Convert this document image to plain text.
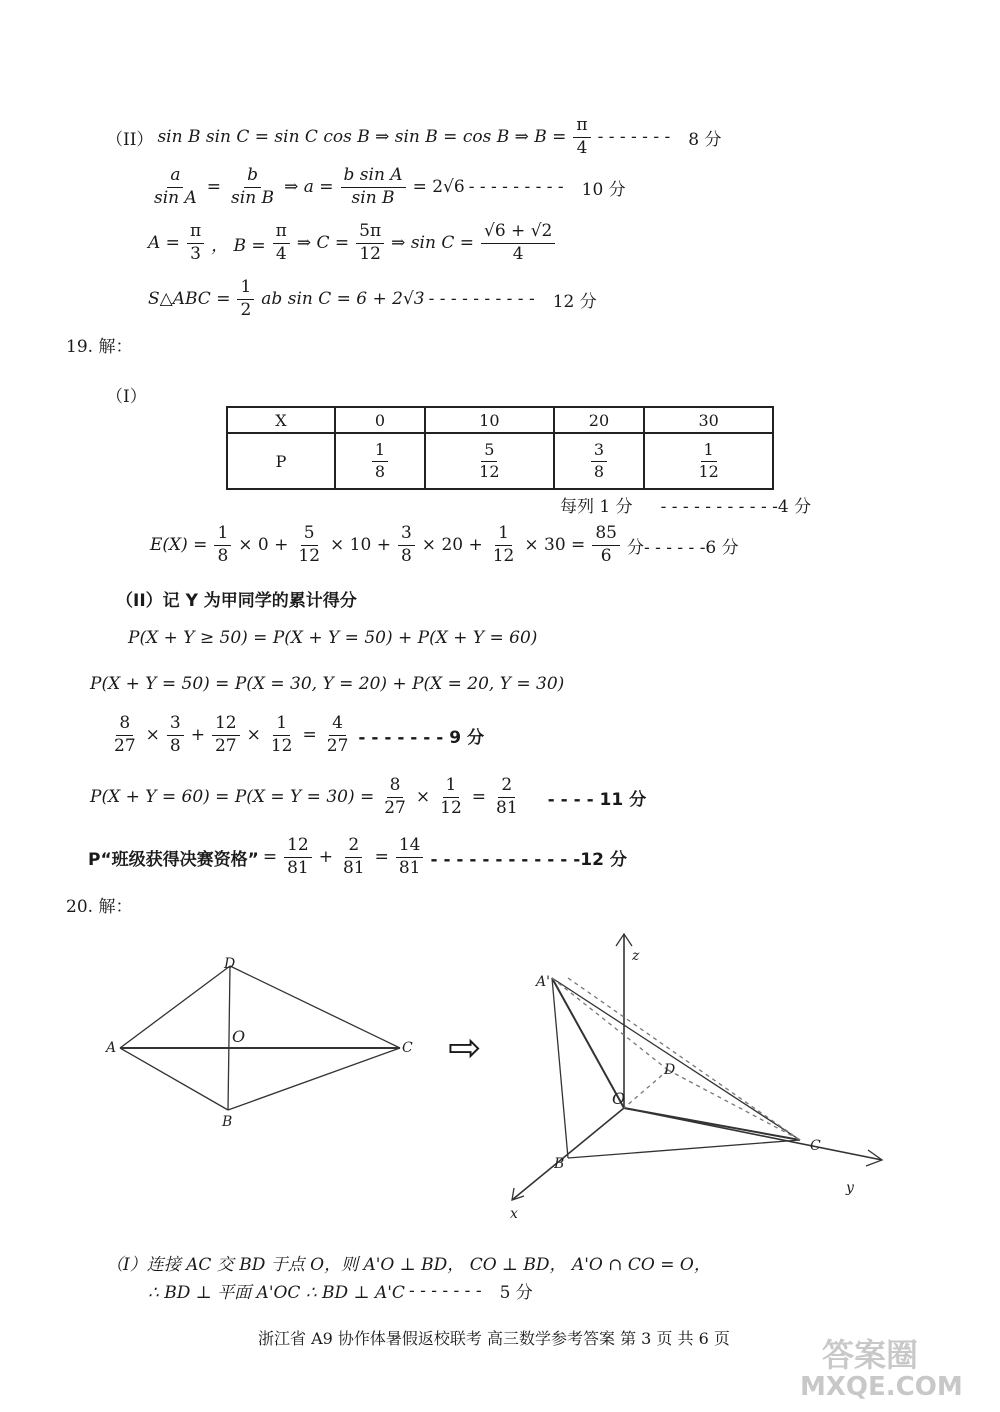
（II） sin B sin C = sin C cos B ⇒ sin B = cos B ⇒ $B = \frac{\pi}{4}$ - - - - - - - 8 分
$\frac{a}{\text{sin A}} = \frac{b}{\text{sin B}}$ ⇒ $a = \frac{\text{b sin A}}{\text{sin B}} = 2√6$ - - - - - - - - - 10 分
$A = \frac{\pi}{3}$ ， $B = \frac{\pi}{4}$ ⇒ $C = \frac{5\pi}{12}$ ⇒ $\sin C = \frac{√6 + √2}{4}$
S△ABC = $\frac{1}{2}$ ab sin C = 6 + 2√3 - - - - - - - - - - 12 分
19. 解：
（I）
X	0	10	20	30
P	$\frac{1}{8}$	$\frac{5}{12}$	$\frac{3}{8}$	$\frac{1}{12}$
每列 1 分 - - - - - - - - - - -4 分
$E(X) = \frac{1}{8} \times 0 + \frac{5}{12} \times 10 + \frac{3}{8} \times 20 + \frac{1}{12} \times 30 = \frac{85}{6}$ 分- - - - - -6 分
（II）记 Y 为甲同学的累计得分
P(X + Y ≥ 50) = P(X + Y = 50) + P(X + Y = 60)
P(X + Y = 50) = P(X = 30, Y = 20) + P(X = 20, Y = 30)
$\frac{8}{27} \times \frac{3}{8} + \frac{12}{27} \times \frac{1}{12} = \frac{4}{27}$ - - - - - - - 9 分
$P(X + Y = 60) = P(X = Y = 30) = \frac{8}{27} \times \frac{1}{12} = \frac{2}{81}$ - - - - 11 分
P“班级获得决赛资格” = $\frac{12}{81} + \frac{2}{81} = \frac{14}{81}$ - - - - - - - - - - - -12 分
20. 解：
A
D
C
B
O	⇨
A'
D
O
C
B
z
y
x
（I）连接 AC 交 BD 于点 O，则 A'O ⊥ BD， CO ⊥ BD， A'O ∩ CO = O，
∴ BD ⊥ 平面 A'OC ∴ BD ⊥ A'C - - - - - - - 5 分
浙江省 A9 协作体暑假返校联考 高三数学参考答案 第 3 页 共 6 页	答案圈
MXQE.COM
